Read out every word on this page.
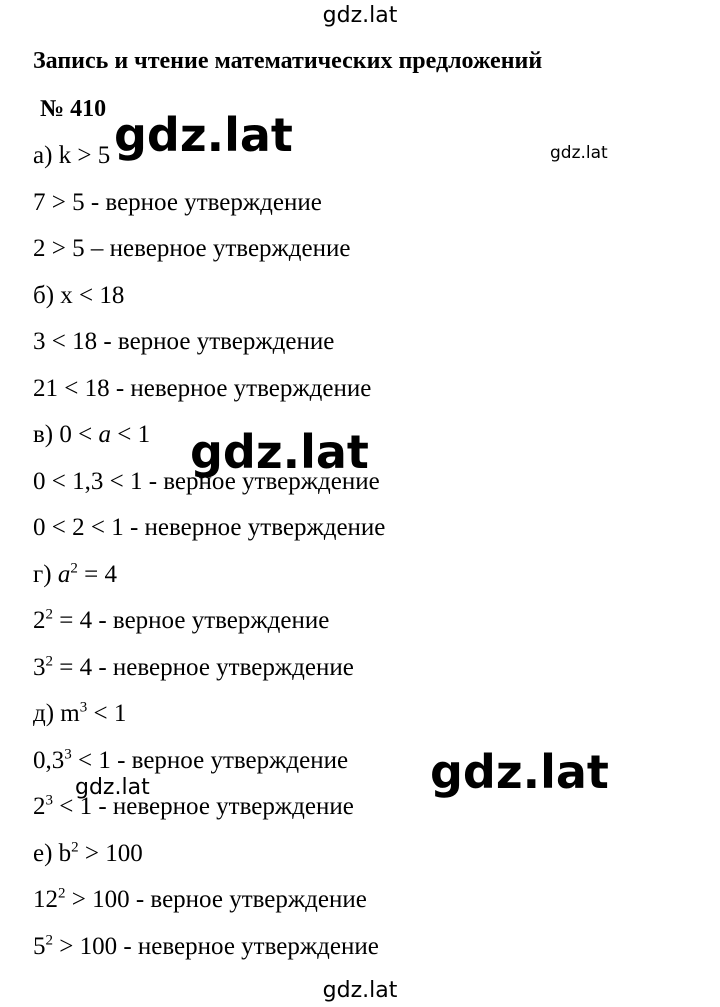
Запись и чтение математических предложений
№ 410
а) k > 5
7 > 5 - верное утверждение
2 > 5 – неверное утверждение
б) x < 18
3 < 18 - верное утверждение
21 < 18 - неверное утверждение
в) 0 < a < 1
0 < 1,3 < 1 - верное утверждение
0 < 2 < 1 - неверное утверждение
г) $a^2 = 4$
$2^2 = 4$ - верное утверждение
$3^2 = 4$ - неверное утверждение
д) $m^3 < 1$
$0,3^3 < 1$ - верное утверждение
$2^3 < 1$ - неверное утверждение
е) $b^2 > 100$
$12^2 > 100$ - верное утверждение
$5^2 > 100$ - неверное утверждение
gdz.lat
gdz.lat	gdz.lat
gdz.lat
gdz.lat
gdz.lat
gdz.lat
